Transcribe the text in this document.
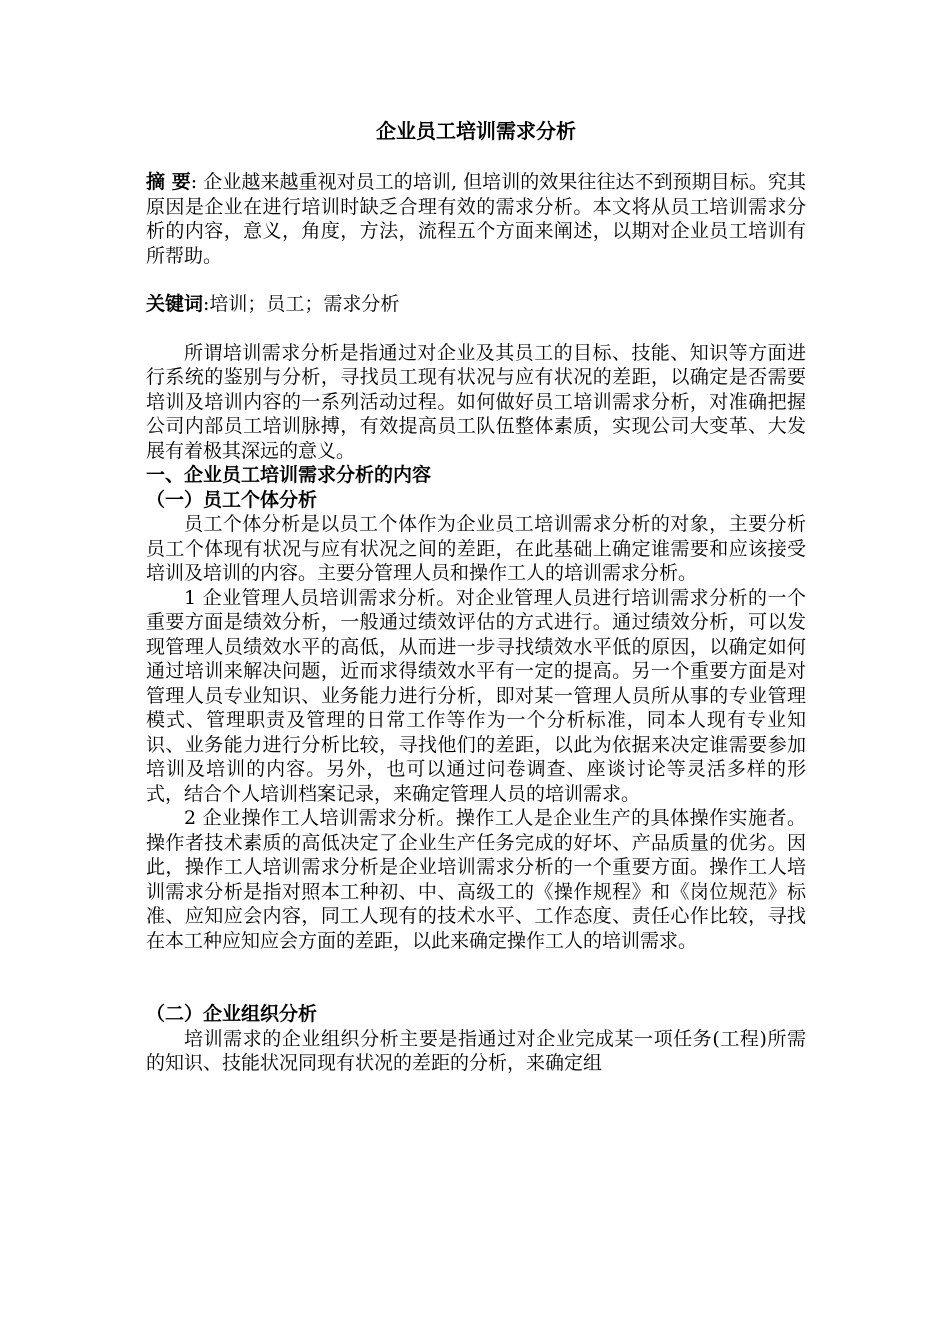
企业员工培训需求分析

摘 要: 企业越来越重视对员工的培训, 但培训的效果往往达不到预期目标。究其原因是企业在进行培训时缺乏合理有效的需求分析。本文将从员工培训需求分析的内容，意义，角度，方法，流程五个方面来阐述，以期对企业员工培训有所帮助。

关键词:培训；员工；需求分析

所谓培训需求分析是指通过对企业及其员工的目标、技能、知识等方面进行系统的鉴别与分析，寻找员工现有状况与应有状况的差距，以确定是否需要培训及培训内容的一系列活动过程。如何做好员工培训需求分析，对准确把握公司内部员工培训脉搏，有效提高员工队伍整体素质，实现公司大变革、大发展有着极其深远的意义。

一、企业员工培训需求分析的内容
（一）员工个体分析

员工个体分析是以员工个体作为企业员工培训需求分析的对象，主要分析员工个体现有状况与应有状况之间的差距，在此基础上确定谁需要和应该接受培训及培训的内容。主要分管理人员和操作工人的培训需求分析。

1 企业管理人员培训需求分析。对企业管理人员进行培训需求分析的一个重要方面是绩效分析，一般通过绩效评估的方式进行。通过绩效分析，可以发现管理人员绩效水平的高低，从而进一步寻找绩效水平低的原因，以确定如何通过培训来解决问题，近而求得绩效水平有一定的提高。另一个重要方面是对管理人员专业知识、业务能力进行分析，即对某一管理人员所从事的专业管理模式、管理职责及管理的日常工作等作为一个分析标准，同本人现有专业知识、业务能力进行分析比较，寻找他们的差距，以此为依据来决定谁需要参加培训及培训的内容。另外，也可以通过问卷调查、座谈讨论等灵活多样的形式，结合个人培训档案记录，来确定管理人员的培训需求。

2 企业操作工人培训需求分析。操作工人是企业生产的具体操作实施者。操作者技术素质的高低决定了企业生产任务完成的好坏、产品质量的优劣。因此，操作工人培训需求分析是企业培训需求分析的一个重要方面。操作工人培训需求分析是指对照本工种初、中、高级工的《操作规程》和《岗位规范》标准、应知应会内容，同工人现有的技术水平、工作态度、责任心作比较，寻找在本工种应知应会方面的差距，以此来确定操作工人的培训需求。

（二）企业组织分析

培训需求的企业组织分析主要是指通过对企业完成某一项任务(工程)所需的知识、技能状况同现有状况的差距的分析，来确定组
